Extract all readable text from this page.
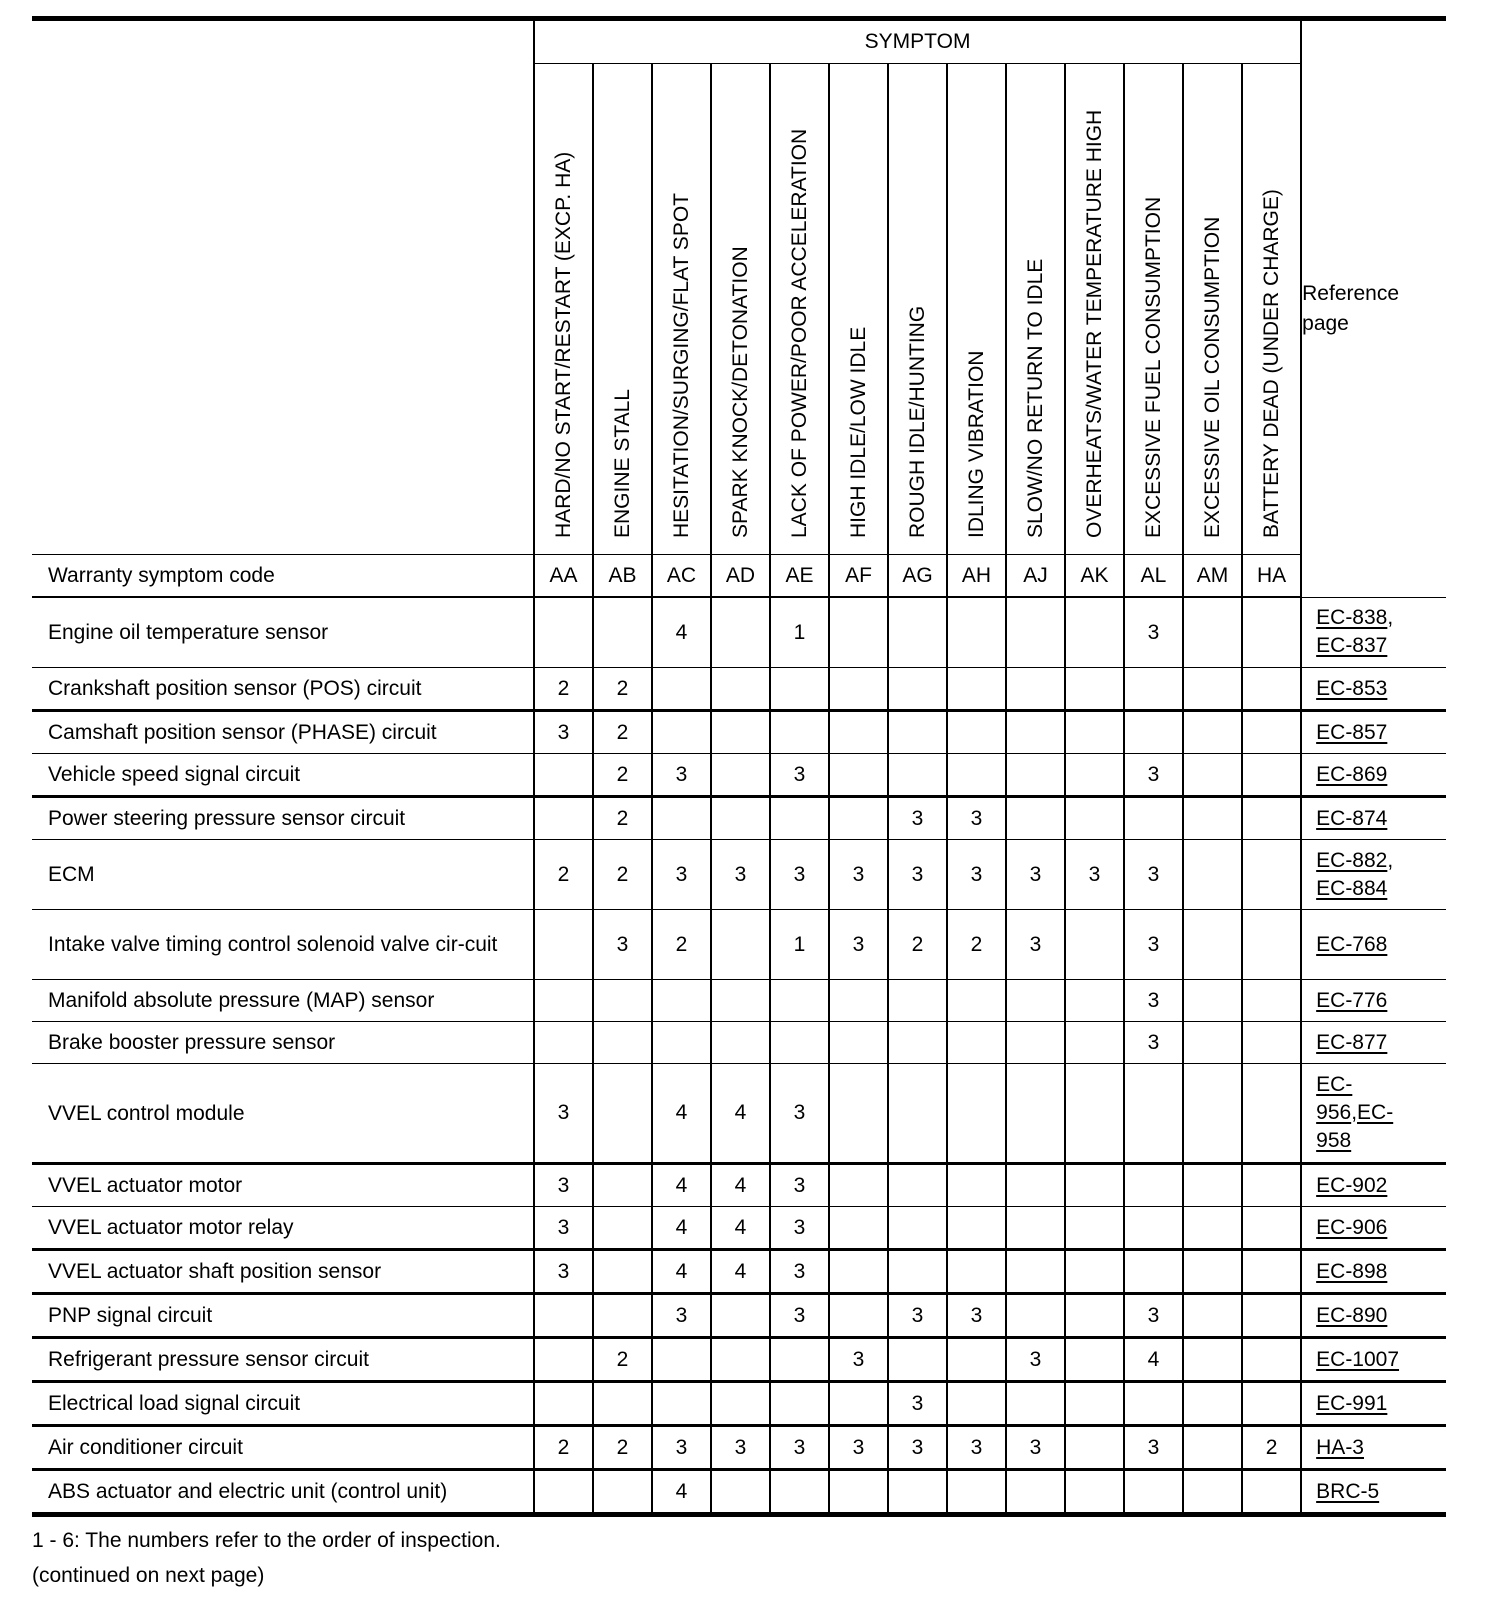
	SYMPTOM													Reference page

	HARD/NO START/RESTART (EXCP. HA)	ENGINE STALL	HESITATION/SURGING/FLAT SPOT	SPARK KNOCK/DETONATION	LACK OF POWER/POOR ACCELERATION	HIGH IDLE/LOW IDLE	ROUGH IDLE/HUNTING	IDLING VIBRATION	SLOW/NO RETURN TO IDLE	OVERHEATS/WATER TEMPERATURE HIGH	EXCESSIVE FUEL CONSUMPTION	EXCESSIVE OIL CONSUMPTION	BATTERY DEAD (UNDER CHARGE)	

Warranty symptom code	AA	AB	AC	AD	AE	AF	AG	AH	AJ	AK	AL	AM	HA	
Engine oil temperature sensor			4		1						3			EC-838,
EC-837

Crankshaft position sensor (POS) circuit	2	2												EC-853

Camshaft position sensor (PHASE) circuit	3	2												EC-857

Vehicle speed signal circuit		2	3		3						3			EC-869

Power steering pressure sensor circuit		2					3	3						EC-874

ECM	2	2	3	3	3	3	3	3	3	3	3			EC-882,
EC-884

Intake valve timing control solenoid valve cir-cuit		3	2		1	3	2	2	3		3			EC-768

Manifold absolute pressure (MAP) sensor											3			EC-776

Brake booster pressure sensor											3			EC-877

VVEL control module	3		4	4	3									EC-956,EC-958

VVEL actuator motor	3		4	4	3									EC-902

VVEL actuator motor relay	3		4	4	3									EC-906

VVEL actuator shaft position sensor	3		4	4	3									EC-898

PNP signal circuit			3		3		3	3			3			EC-890

Refrigerant pressure sensor circuit		2				3			3		4			EC-1007

Electrical load signal circuit							3							EC-991

Air conditioner circuit	2	2	3	3	3	3	3	3	3		3		2	HA-3

ABS actuator and electric unit (control unit)			4											BRC-5
1 - 6: The numbers refer to the order of inspection.
(continued on next page)
